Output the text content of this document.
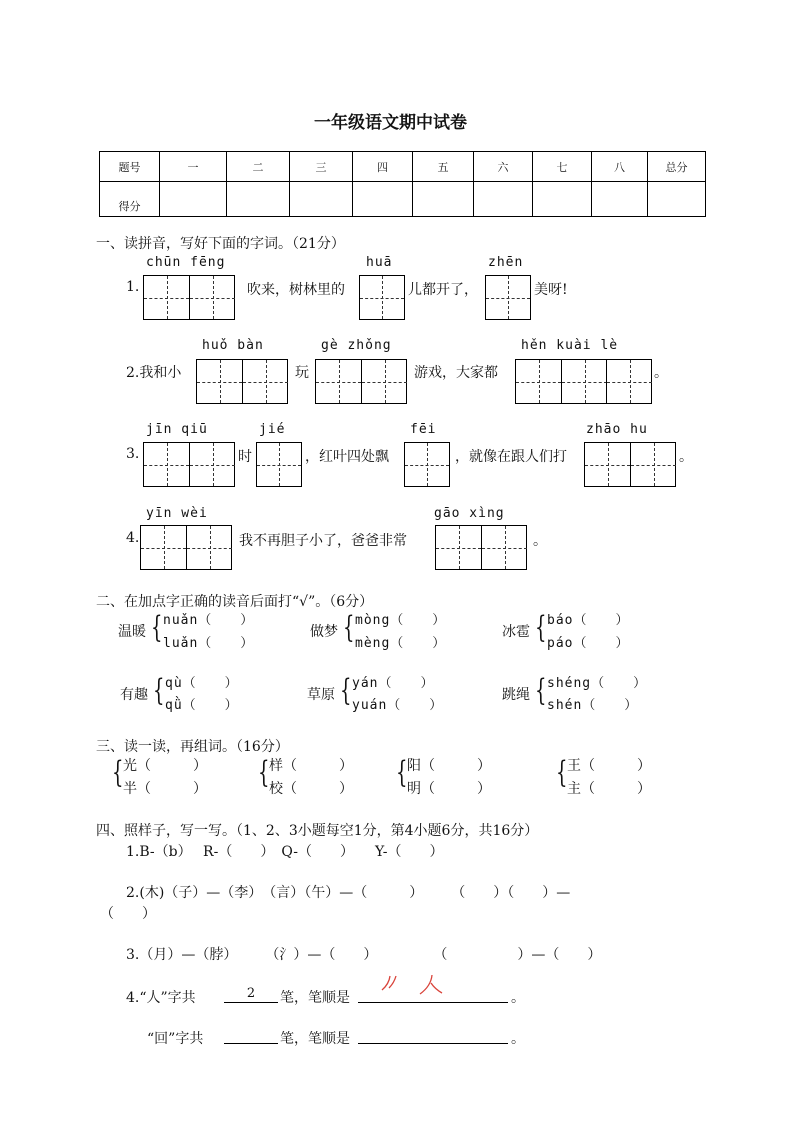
一年级语文期中试卷
题号	一	二	三	四	五	六	七	八	总分
得分									
一、读拼音，写好下面的字词。（21分）
chūn fēng
1.	吹来，树林里的
huā
儿都开了，
zhēn
美呀!
huǒ bàn
2.我和小	玩
gè zhǒng
游戏，大家都
hěn kuài lè
。
jīn qiū
3.	时
jié
，红叶四处飘
fēi
，就像在跟人们打
zhāo hu
。
yīn wèi
4.	我不再胆子小了，爸爸非常
gāo xìng
。
二、在加点字正确的读音后面打“√”。（6分）
温暖 { nuǎn（　　）
luǎn（　　）
做梦 { mòng（　　）
mèng（　　）
冰雹 { báo（　　）
páo（　　）
有趣 { qù（　　）
qǜ（　　）
草原 { yán（　　）
yuán（　　）
跳绳 { shéng（　　）
shén（　　）
三、读一读，再组词。（16分）
{ 光（　　　）
半（　　　） { 样（　　　）
校（　　　） { 阳（　　　）
明（　　　） { 王（　　　）
主（　　　）
四、照样子，写一写。（1、2、3小题每空1分，第4小题6分，共16分）
1.B-（b）　 R-（　　）　Q-（　　）　　Y-（　　）
2.(木)（子）—（李）　（言）（午）—（　　　）　　　（　　）（　　）—
（　　）
3.（月）—（脖）　　　（氵）—（　　）　　　　　（　　　　　）—（　　）
4.“人”字共	2	笔，笔顺是	。
“回”字共	笔，笔顺是	。
